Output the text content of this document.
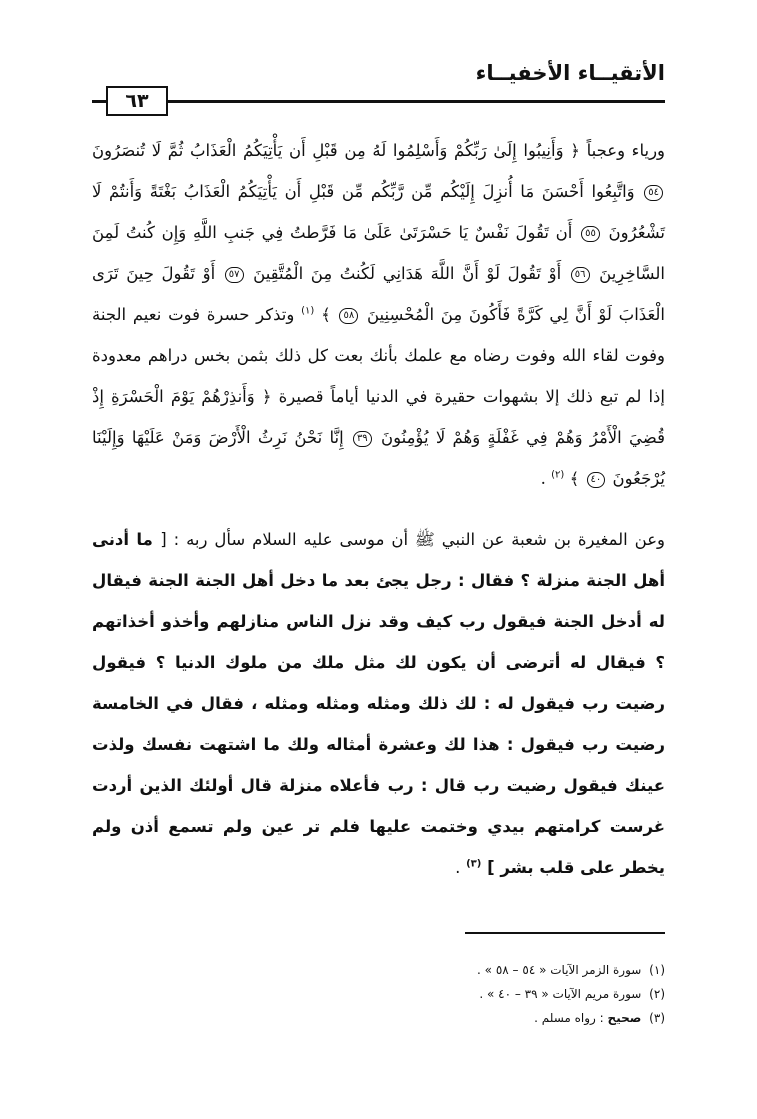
الأتقيــاء الأخفيــاء
٦٣

ورياء وعجباً ﴿ وَأَنِيبُوا إِلَىٰ رَبِّكُمْ وَأَسْلِمُوا لَهُ مِن قَبْلِ أَن يَأْتِيَكُمُ الْعَذَابُ ثُمَّ لَا تُنصَرُونَ ٥٤ وَاتَّبِعُوا أَحْسَنَ مَا أُنزِلَ إِلَيْكُم مِّن رَّبِّكُم مِّن قَبْلِ أَن يَأْتِيَكُمُ الْعَذَابُ بَغْتَةً وَأَنتُمْ لَا تَشْعُرُونَ ٥٥ أَن تَقُولَ نَفْسٌ يَا حَسْرَتَىٰ عَلَىٰ مَا فَرَّطتُ فِي جَنبِ اللَّهِ وَإِن كُنتُ لَمِنَ السَّاخِرِينَ ٥٦ أَوْ تَقُولَ لَوْ أَنَّ اللَّهَ هَدَانِي لَكُنتُ مِنَ الْمُتَّقِينَ ٥٧ أَوْ تَقُولَ حِينَ تَرَى الْعَذَابَ لَوْ أَنَّ لِي كَرَّةً فَأَكُونَ مِنَ الْمُحْسِنِينَ ٥٨ ﴾ $^{(١)}$ وتذكر حسرة فوت نعيم الجنة وفوت لقاء الله وفوت رضاه مع علمك بأنك بعت كل ذلك بثمن بخس دراهم معدودة إذا لم تبع ذلك إلا بشهوات حقيرة في الدنيا أياماً قصيرة ﴿ وَأَنذِرْهُمْ يَوْمَ الْحَسْرَةِ إِذْ قُضِيَ الْأَمْرُ وَهُمْ فِي غَفْلَةٍ وَهُمْ لَا يُؤْمِنُونَ ٣٩ إِنَّا نَحْنُ نَرِثُ الْأَرْضَ وَمَنْ عَلَيْهَا وَإِلَيْنَا يُرْجَعُونَ ٤٠ ﴾ $^{(٢)}$ .

وعن المغيرة بن شعبة عن النبي ﷺ أن موسى عليه السلام سأل ربه : [ ما أدنى أهل الجنة منزلة ؟ فقال : رجل يجئ بعد ما دخل أهل الجنة الجنة فيقال له أدخل الجنة فيقول رب كيف وقد نزل الناس منازلهم وأخذو أخذاتهم ؟ فيقال له أترضى أن يكون لك مثل ملك من ملوك الدنيا ؟ فيقول رضيت رب فيقول له : لك ذلك ومثله ومثله ومثله ، فقال في الخامسة رضيت رب فيقول : هذا لك وعشرة أمثاله ولك ما اشتهت نفسك ولذت عينك فيقول رضيت رب قال : رب فأعلاه منزلة قال أولئك الذين أردت غرست كرامتهم بيدي وختمت عليها فلم تر عين ولم تسمع أذن ولم يخطر على قلب بشر ] $^{(٣)}$ .

(١) سورة الزمر الآيات « ٥٤ – ٥٨ » .
(٢) سورة مريم الآيات « ٣٩ – ٤٠ » .
(٣) صحيح : رواه مسلم .
